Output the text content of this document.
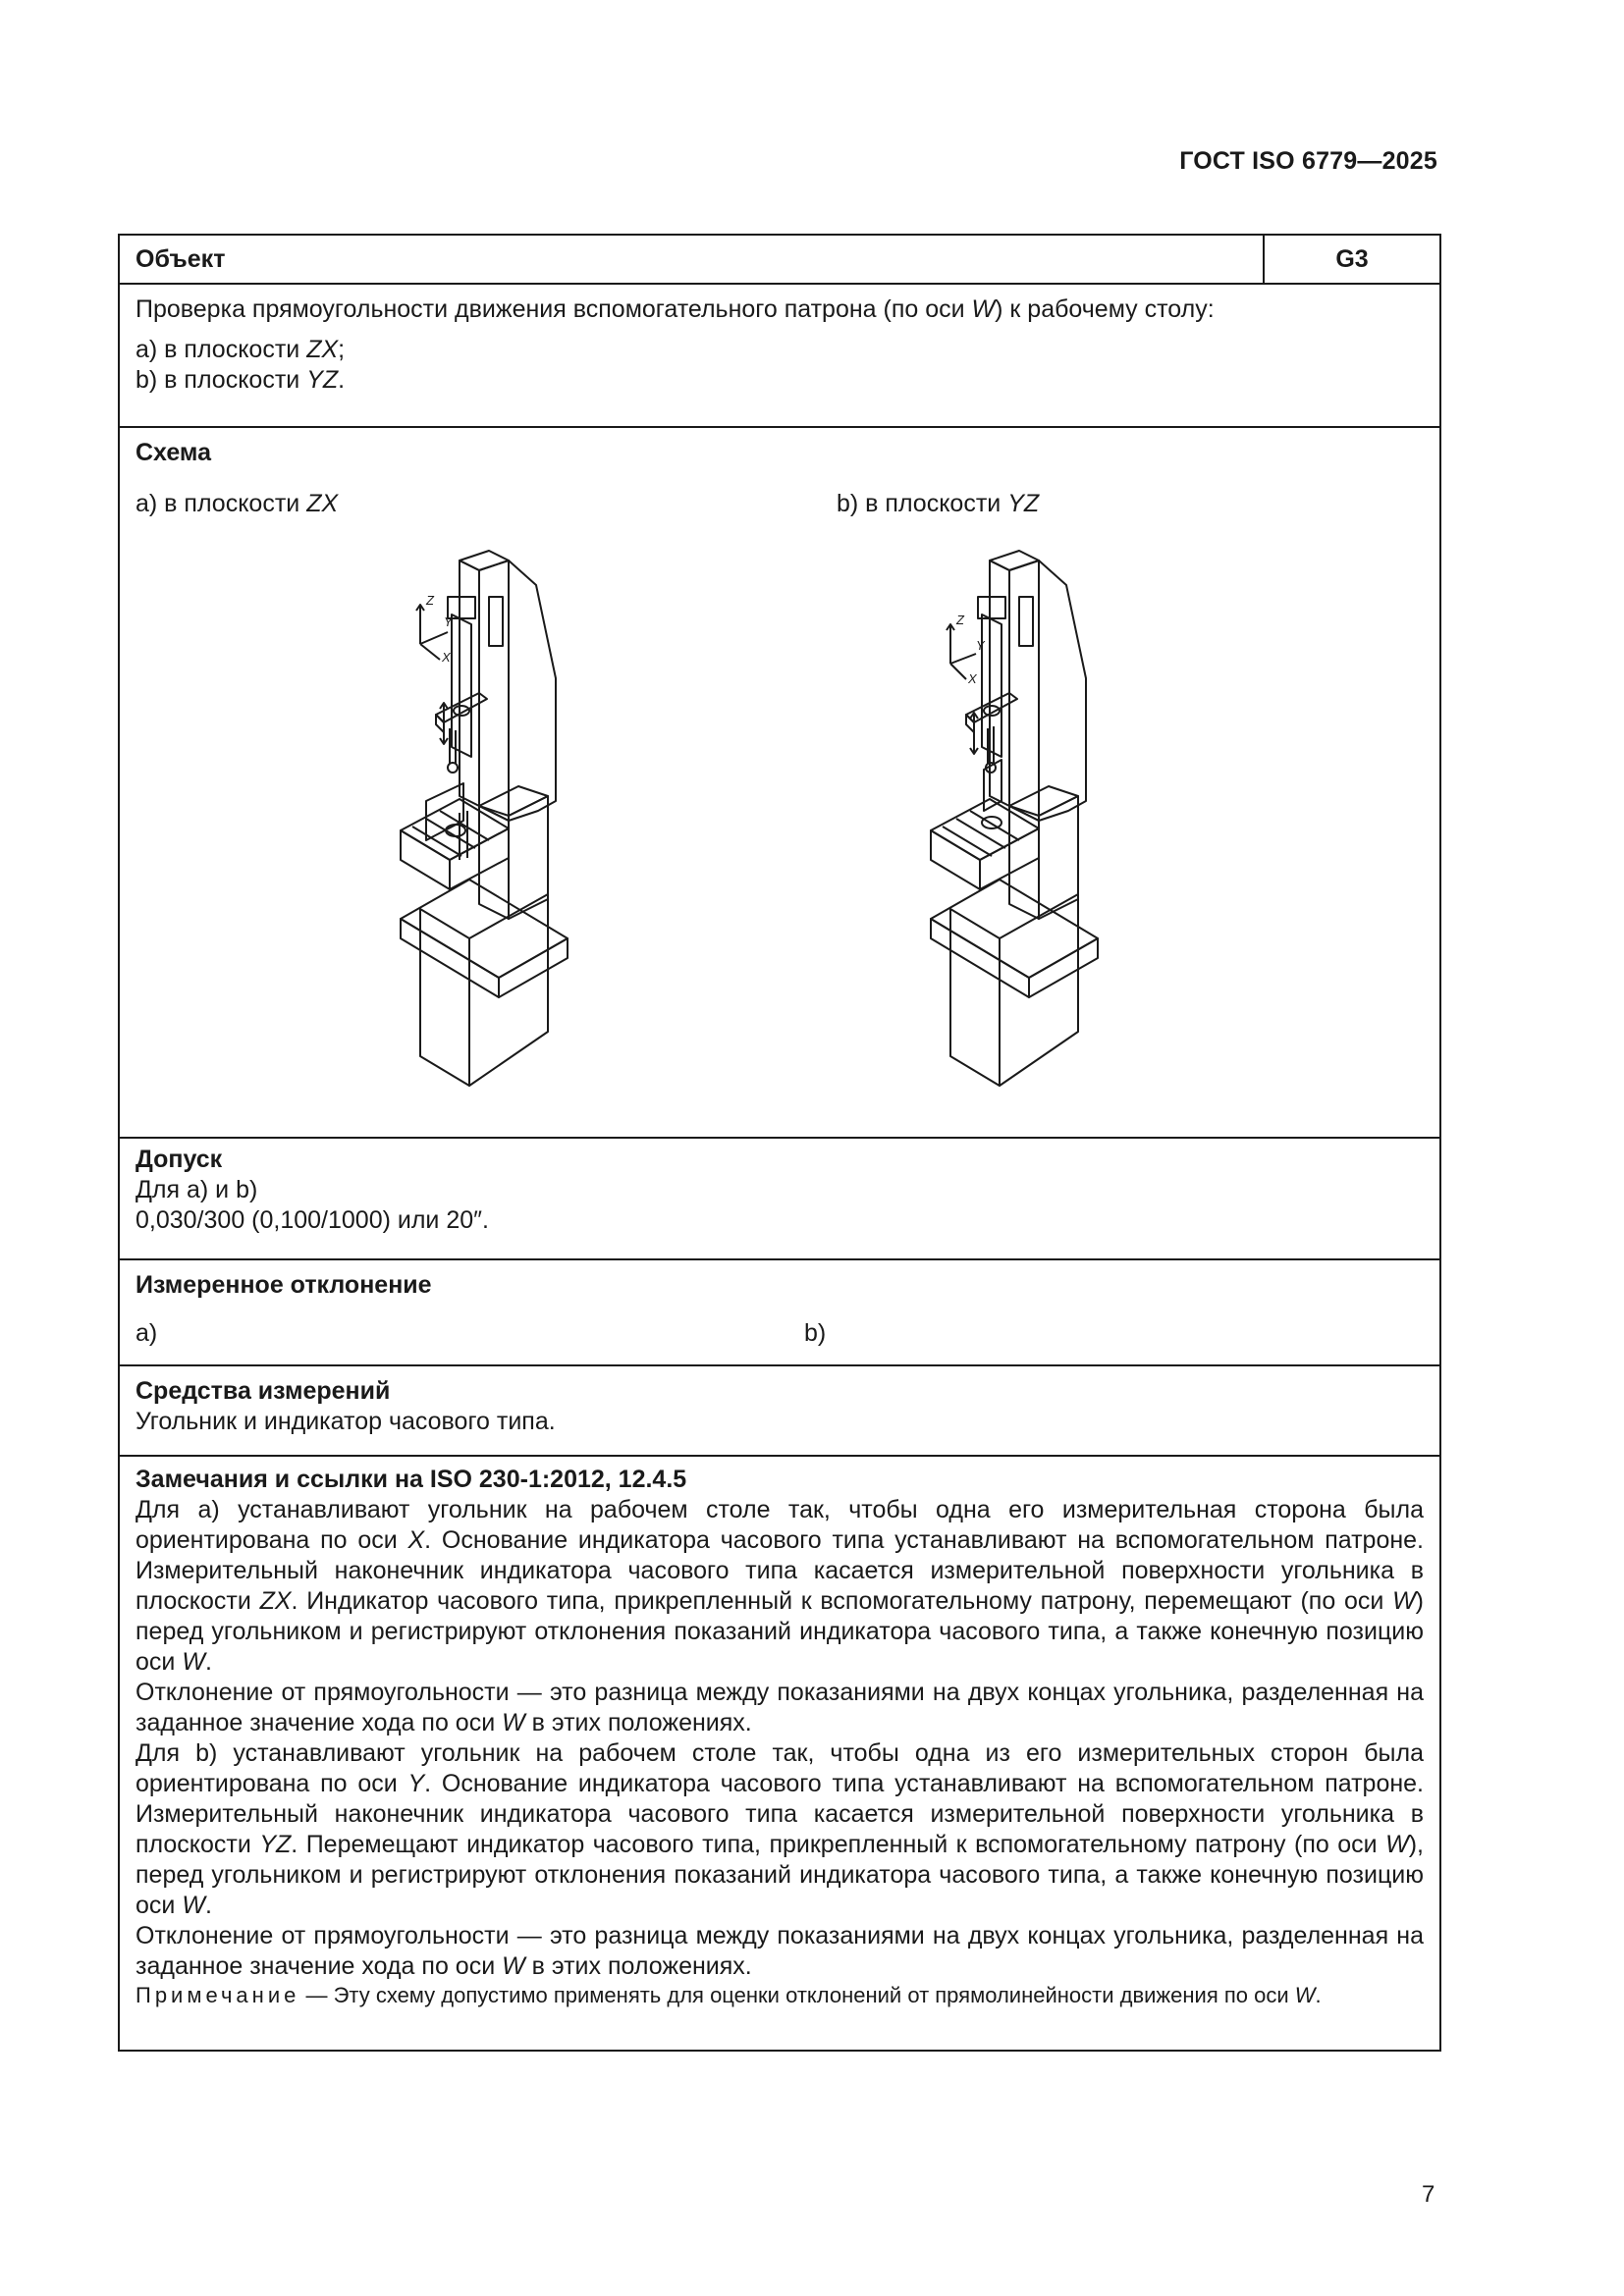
ГОСТ ISO 6779—2025
Объект	G3

Проверка прямоугольности движения вспомогательного патрона (по оси W) к рабочему столу:
а) в плоскости ZX;
b) в плоскости YZ.

Схема
а) в плоскости ZX	b) в плоскости YZ
Z
Y
X
Z
Y
X

Допуск
Для а) и b)
0,030/300 (0,100/1000) или 20″.

Измеренное отклонение
а)	b)

Средства измерений
Угольник и индикатор часового типа.

Замечания и ссылки на ISO 230-1:2012, 12.4.5

Для а) устанавливают угольник на рабочем столе так, чтобы одна его измерительная сторона была ориентирована по оси X. Основание индикатора часового типа устанавливают на вспомогательном патроне. Измерительный наконечник индикатора часового типа касается измерительной поверхности угольника в плоскости ZX. Индикатор часового типа, прикрепленный к вспомогательному патрону, перемещают (по оси W) перед угольником и регистрируют отклонения показаний индикатора часового типа, а также конечную позицию оси W.

Отклонение от прямоугольности — это разница между показаниями на двух концах угольника, разделенная на заданное значение хода по оси W в этих положениях.

Для b) устанавливают угольник на рабочем столе так, чтобы одна из его измерительных сторон была ориентирована по оси Y. Основание индикатора часового типа устанавливают на вспомогательном патроне. Измерительный наконечник индикатора часового типа касается измерительной поверхности угольника в плоскости YZ. Перемещают индикатор часового типа, прикрепленный к вспомогательному патрону (по оси W), перед угольником и регистрируют отклонения показаний индикатора часового типа, а также конечную позицию оси W.

Отклонение от прямоугольности — это разница между показаниями на двух концах угольника, разделенная на заданное значение хода по оси W в этих положениях.

Примечание — Эту схему допустимо применять для оценки отклонений от прямолинейности движения по оси W.

7
